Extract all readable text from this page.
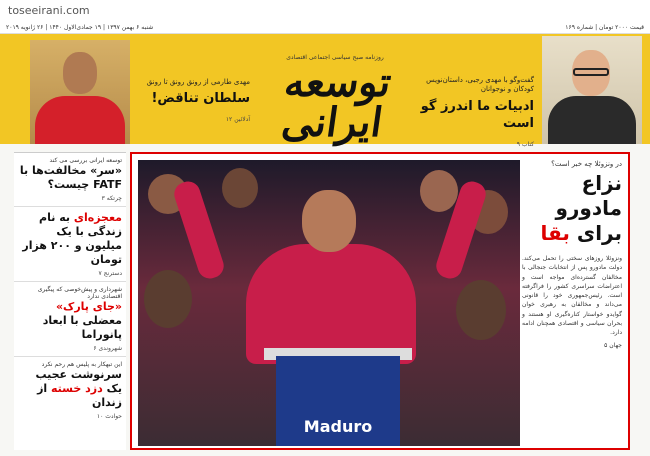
toseeirani.com
قیمت ۲۰۰۰ تومان | شماره ۱۶۹
شنبه ۶ بهمن ۱۳۹۷ | ۱۹ جمادی‌الاول ۱۴۴۰ | ۲۶ ژانویه ۲۰۱۹
روزنامه صبح سیاسی اجتماعی اقتصادی
توسعه ایرانی
مهدی طارمی از رونق رونق تا رونق
سلطان تناقض!
آدلائین ۱۲
گفت‌وگو با مهدی رجبی، داستان‌نویس کودکان و نوجوانان
ادبیات ما اندرز گو است
کتاب ۹
توسعه ایرانی بررسی می کند
«سر» مخالفت‌ها با FATF چیست؟
چرتکه ۳
معجزه‌ای به نام زندگی با یک میلیون و ۲۰۰ هزار تومان
دسترنج ۷
شهرداری و پیش‌خوصی که پیگیری اقتصادی ندارد
«جای پارک» معضلی با ابعاد پانوراما
شهروندی ۶
این تبهکار به پلیس هم رحم نکرد
سرنوشت عجیب یک دزد خسته از زندان
حوادث ۱۰
Maduro
در ونزوئلا چه خبر است؟
نزاع مادورو برای بقا
ونزوئلا روزهای سختی را تحمل می‌کند. دولت مادورو پس از انتخابات جنجالی با مخالفان گسترده‌ای مواجه است و اعتراضات سراسری کشور را فراگرفته است. رئیس‌جمهوری خود را قانونی می‌داند و مخالفان به رهبری خوان گوایدو خواستار کناره‌گیری او هستند و بحران سیاسی و اقتصادی همچنان ادامه دارد.
جهان ۵
